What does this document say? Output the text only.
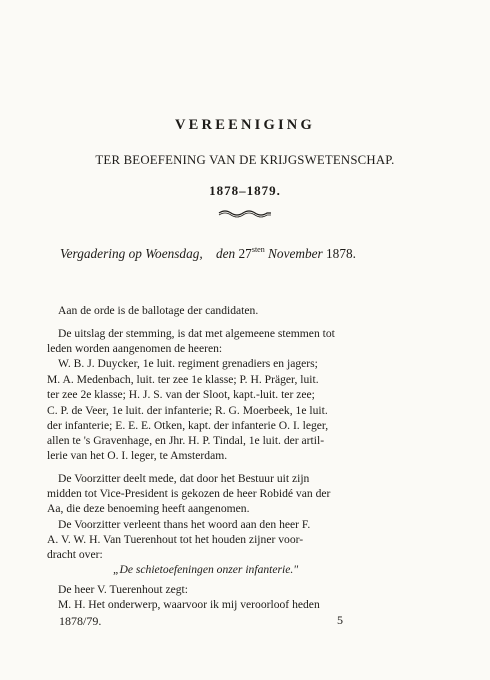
VEREENIGING
TER BEOEFENING VAN DE KRIJGSWETENSCHAP.
1878–1879.
Vergadering op Woensdag, den $27^{sten}$ November 1878.
Aan de orde is de ballotage der candidaten.
De uitslag der stemming, is dat met algemeene stemmen tot
leden worden aangenomen de heeren:
W. B. J. Duycker, 1e luit. regiment grenadiers en jagers;
M. A. Medenbach, luit. ter zee 1e klasse; P. H. Präger, luit.
ter zee 2e klasse; H. J. S. van der Sloot, kapt.-luit. ter zee;
C. P. de Veer, 1e luit. der infanterie; R. G. Moerbeek, 1e luit.
der infanterie; E. E. E. Otken, kapt. der infanterie O. I. leger,
allen te 's Gravenhage, en Jhr. H. P. Tindal, 1e luit. der artil-
lerie van het O. I. leger, te Amsterdam.
De Voorzitter deelt mede, dat door het Bestuur uit zijn
midden tot Vice-President is gekozen de heer Robidé van der
Aa, die deze benoeming heeft aangenomen.
De Voorzitter verleent thans het woord aan den heer F.
A. V. W. H. Van Tuerenhout tot het houden zijner voor-
dracht over:
„De schietoefeningen onzer infanterie."
De heer V. Tuerenhout zegt:
M. H. Het onderwerp, waarvoor ik mij veroorloof heden
1878/79.	5
